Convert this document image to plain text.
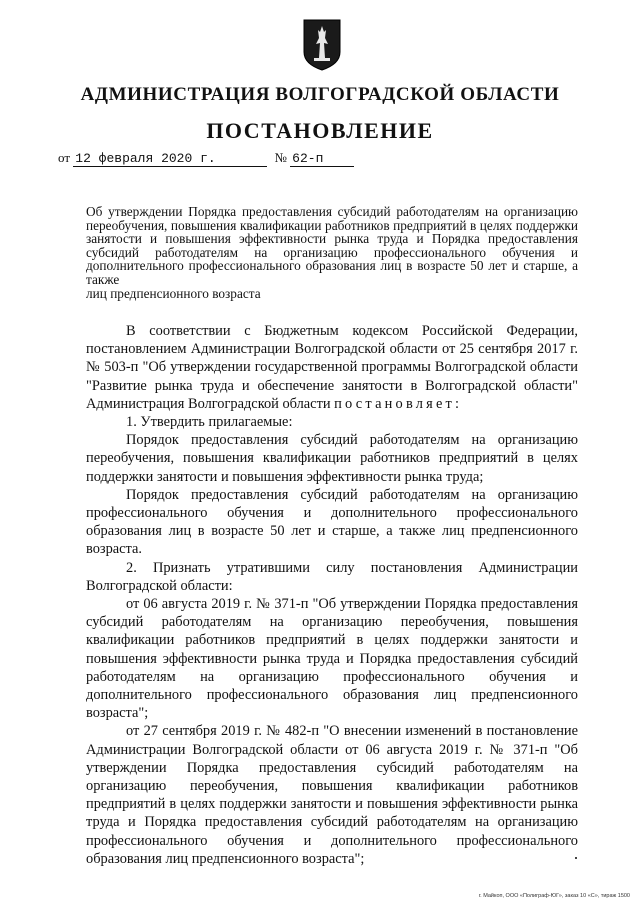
АДМИНИСТРАЦИЯ ВОЛГОГРАДСКОЙ ОБЛАСТИ
ПОСТАНОВЛЕНИЕ
от 12 февраля 2020 г.	№ 62-п
Об утверждении Порядка предоставления субсидий работодателям на организацию переобучения, повышения квалификации работников предприятий в целях поддержки занятости и повышения эффективности рынка труда и Порядка предоставления субсидий работодателям на организацию профессионального обучения и дополнительного профессионального образования лиц в возрасте 50 лет и старше, а также
лиц предпенсионного возраста

В соответствии с Бюджетным кодексом Российской Федерации, постановлением Администрации Волгоградской области от 25 сентября 2017 г. № 503-п "Об утверждении государственной программы Волгоградской области "Развитие рынка труда и обеспечение занятости в Волгоградской области" Администрация Волгоградской области постановляет:

1. Утвердить прилагаемые:

Порядок предоставления субсидий работодателям на организацию переобучения, повышения квалификации работников предприятий в целях поддержки занятости и повышения эффективности рынка труда;

Порядок предоставления субсидий работодателям на организацию профессионального обучения и дополнительного профессионального образования лиц в возрасте 50 лет и старше, а также лиц предпенсионного возраста.

2. Признать утратившими силу постановления Администрации Волгоградской области:

от 06 августа 2019 г. № 371-п "Об утверждении Порядка предоставления субсидий работодателям на организацию переобучения, повышения квалификации работников предприятий в целях поддержки занятости и повышения эффективности рынка труда и Порядка предоставления субсидий работодателям на организацию профессионального обучения и дополнительного профессионального образования лиц предпенсионного возраста";

от 27 сентября 2019 г. № 482-п "О внесении изменений в постановление Администрации Волгоградской области от 06 августа 2019 г. № 371-п "Об утверждении Порядка предоставления субсидий работодателям на организацию переобучения, повышения квалификации работников предприятий в целях поддержки занятости и повышения эффективности рынка труда и Порядка предоставления субсидий работодателям на организацию профессионального обучения и дополнительного профессионального образования лиц предпенсионного возраста";

г. Майкоп, ООО «Полиграф-ЮГ», заказ 10 «С», тираж 1500
